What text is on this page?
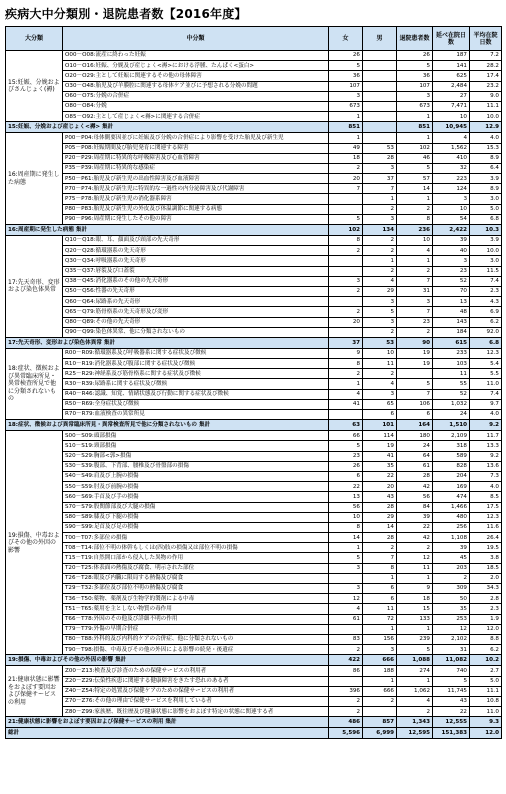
疾病大中分類別・退院患者数【2016年度】
大分類	中分類	女	男	退院患者数	延べ在院日数	平均在院日数
15:妊娠、分娩およびさんじょく(褥)	O00－O08:流産に終わった妊娠	26		26	187	7.2
	O10－O16:妊娠、分娩及び産じょく<褥>における浮腫、たんぱく<蛋白>	5		5	141	28.2
	O20－O29:主として妊娠に関連するその他の母体障害	36		36	625	17.4
	O30－O48:胎児及び羊膜腔に関連する母体ケア並びに予想される分娩の問題	107		107	2,484	23.2
	O60－O75:分娩の合併症	3		3	27	9.0
	O80－O84:分娩	673		673	7,471	11.1
	O85－O92:主として産じょく<褥>に関連する合併症	1		1	10	10.0
15:妊娠、分娩および産じょく<褥> 集計		851		851	10,945	12.9
16:周産期に発生した病態	P00－P04:母体側要因並びに妊娠及び分娩の合併症により影響を受けた胎児及び新生児	1		1	4	4.0
	P05－P08:妊娠期間及び胎児発育に関連する障害	49	53	102	1,562	15.3
	P20－P29:周産期に特異的な呼吸障害及び心血管障害	18	28	46	410	8.9
	P35－P39:周産期に特異的な感染症	2	3	5	32	6.4
	P50－P61:胎児及び新生児の出血性障害及び血液障害	20	37	57	223	3.9
	P70－P74:胎児及び新生児に特異的な一過性の内分泌障害及び代謝障害	7	7	14	124	8.9
	P75－P78:胎児及び新生児の消化器系障害		1	1	3	3.0
	P80－P83:胎児及び新生児の外皮及び体温調節に関連する病態		2	2	10	5.0
	P90－P96:周産期に発生したその他の障害	5	3	8	54	6.8
16:周産期に発生した病態 集計		102	134	236	2,422	10.3
17:先天奇形、変形および染色体異常	Q10－Q18:眼、耳、顔面及び頸部の先天奇形	8	2	10	39	3.9
	Q20－Q28:循環器系の先天奇形	2	2	4	40	10.0
	Q30－Q34:呼吸器系の先天奇形		1	1	3	3.0
	Q35－Q37:唇裂及び口蓋裂		2	2	23	11.5
	Q38－Q45:消化器系のその他の先天奇形	3	4	7	52	7.4
	Q50－Q56:性器の先天奇形	2	29	31	70	2.3
	Q60－Q64:尿路系の先天奇形		3	3	13	4.3
	Q65－Q79:筋骨格系の先天奇形及び変形	2	5	7	48	6.9
	Q80－Q89:その他の先天奇形	20	3	23	143	6.2
	Q90－Q99:染色体異常、他に分類されないもの		2	2	184	92.0
17:先天奇形、変形および染色体異常 集計		37	53	90	615	6.8
18:症状、徴候および異常臨床所見・異常検査所見で他に分類されないもの	R00－R09:循環器系及び呼吸器系に関する症状及び徴候	9	10	19	233	12.3
	R10－R19:消化器系及び腹部に関する症状及び徴候	8	11	19	103	5.4
	R25－R29:神経系及び筋骨格系に関する症状及び徴候	2	2		11	5.5
	R30－R39:尿路系に関する症状及び徴候	1	4	5	55	11.0
	R40－R46:認識、知覚、情緒状態及び行動に関する症状及び徴候	4	3	7	52	7.4
	R50－R69:全身症状及び徴候	41	65	106	1,032	9.7
	R70－R79:血液検査の異常所見		6	6	24	4.0
18:症状、徴候および異常臨床所見・異常検査所見で他に分類されないもの 集計		63	101	164	1,510	9.2
19:損傷、中毒およびその他の外因の影響	S00－S09:頭部損傷	66	114	180	2,109	11.7
	S10－S19:頸部損傷	5	19	24	318	13.3
	S20－S29:胸部<郭>損傷	23	41	64	589	9.2
	S30－S39:腹部、下背部、腰椎及び骨盤部の損傷	26	35	61	828	13.6
	S40－S49:肩及び上腕の損傷	6	22	28	204	7.3
	S50－S59:肘及び前腕の損傷	22	20	42	169	4.0
	S60－S69:手首及び手の損傷	13	43	56	474	8.5
	S70－S79:股関節部及び大腿の損傷	56	28	84	1,466	17.5
	S80－S89:膝及び下腿の損傷	10	29	39	480	12.3
	S90－S99:足首及び足の損傷	8	14	22	256	11.6
	T00－T07:多部位の損傷	14	28	42	1,108	26.4
	T08－T14:部位不明の体幹もしくは(四)肢の損傷又は部位不明の損傷	1	2	2	39	19.5
	T15－T19:自然開口部から侵入した異物の作用	5	7	12	45	3.8
	T20－T25:体表面の熱傷及び腐食、明示された部位	3	8	11	203	18.5
	T26－T28:眼及び内臓に限局する熱傷及び腐食		1	1	2	2.0
	T29－T32:多部位及び部位不明の熱傷及び腐食	3	6	9	309	34.3
	T36－T50:薬物、薬剤及び生物学的製剤による中毒	12	6	18	50	2.8
	T51－T65:薬用を主としない物質の毒作用	4	11	15	35	2.3
	T66－T78:外因のその他及び詳細不明の作用	61	72	133	253	1.9
	T79－T79:外傷の早期合併症		1	1	12	12.0
	T80－T88:外科的及び内科的ケアの合併症、他に分類されないもの	83	156	239	2,102	8.8
	T90－T98:損傷、中毒及びその他の外因による影響の続発・後遺症	2	3	5	31	6.2
19:損傷、中毒およびその他の外因の影響 集計		422	666	1,088	11,082	10.2
21:健康状態に影響をおよぼす要因および保健サービスの利用	Z00－Z13:検査及び診査のための保健サービスの利用者	86	188	274	740	2.7
	Z20－Z29:伝染性疾患に関連する健康障害をきたす恐れのある者		1	1	5	5.0
	Z40－Z54:特定の処置及び保健ケアのための保健サービスの利用者	396	666	1,062	11,745	11.1
	Z70－Z76:その他の理由で保健サービスを利用している者	2	2	4	43	10.8
	Z80－Z99:家族歴、既往歴及び健康状態に影響をおよぼす特定の状態に関連する者	2		2	22	11.0
21:健康状態に影響をおよぼす要因および保健サービスの利用 集計		486	857	1,343	12,555	9.3
総計		5,596	6,999	12,595	151,383	12.0
